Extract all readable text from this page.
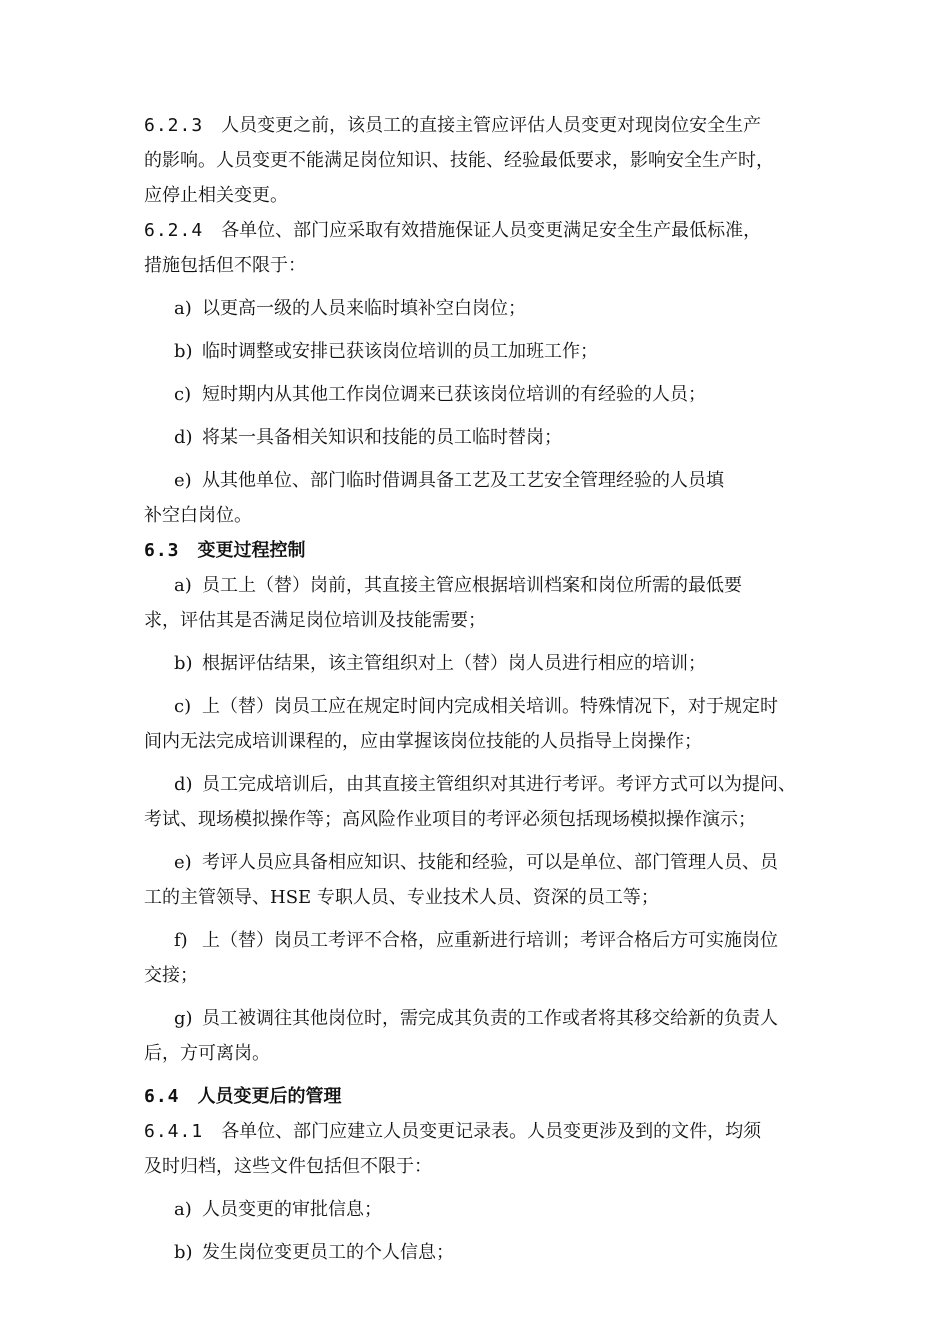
6.2.3 人员变更之前，该员工的直接主管应评估人员变更对现岗位安全生产

的影响。人员变更不能满足岗位知识、技能、经验最低要求，影响安全生产时，

应停止相关变更。

6.2.4 各单位、部门应采取有效措施保证人员变更满足安全生产最低标准，

措施包括但不限于：

a) 以更高一级的人员来临时填补空白岗位；

b) 临时调整或安排已获该岗位培训的员工加班工作；

c) 短时期内从其他工作岗位调来已获该岗位培训的有经验的人员；

d) 将某一具备相关知识和技能的员工临时替岗；

e) 从其他单位、部门临时借调具备工艺及工艺安全管理经验的人员填

补空白岗位。

6.3 变更过程控制

a) 员工上（替）岗前，其直接主管应根据培训档案和岗位所需的最低要

求，评估其是否满足岗位培训及技能需要；

b) 根据评估结果，该主管组织对上（替）岗人员进行相应的培训；

c) 上（替）岗员工应在规定时间内完成相关培训。特殊情况下，对于规定时

间内无法完成培训课程的，应由掌握该岗位技能的人员指导上岗操作；

d) 员工完成培训后，由其直接主管组织对其进行考评。考评方式可以为提问、

考试、现场模拟操作等；高风险作业项目的考评必须包括现场模拟操作演示；

e) 考评人员应具备相应知识、技能和经验，可以是单位、部门管理人员、员

工的主管领导、HSE 专职人员、专业技术人员、资深的员工等；

f) 上（替）岗员工考评不合格，应重新进行培训；考评合格后方可实施岗位

交接；

g) 员工被调往其他岗位时，需完成其负责的工作或者将其移交给新的负责人

后，方可离岗。

6.4 人员变更后的管理

6.4.1 各单位、部门应建立人员变更记录表。人员变更涉及到的文件，均须

及时归档，这些文件包括但不限于：

a) 人员变更的审批信息；

b) 发生岗位变更员工的个人信息；
